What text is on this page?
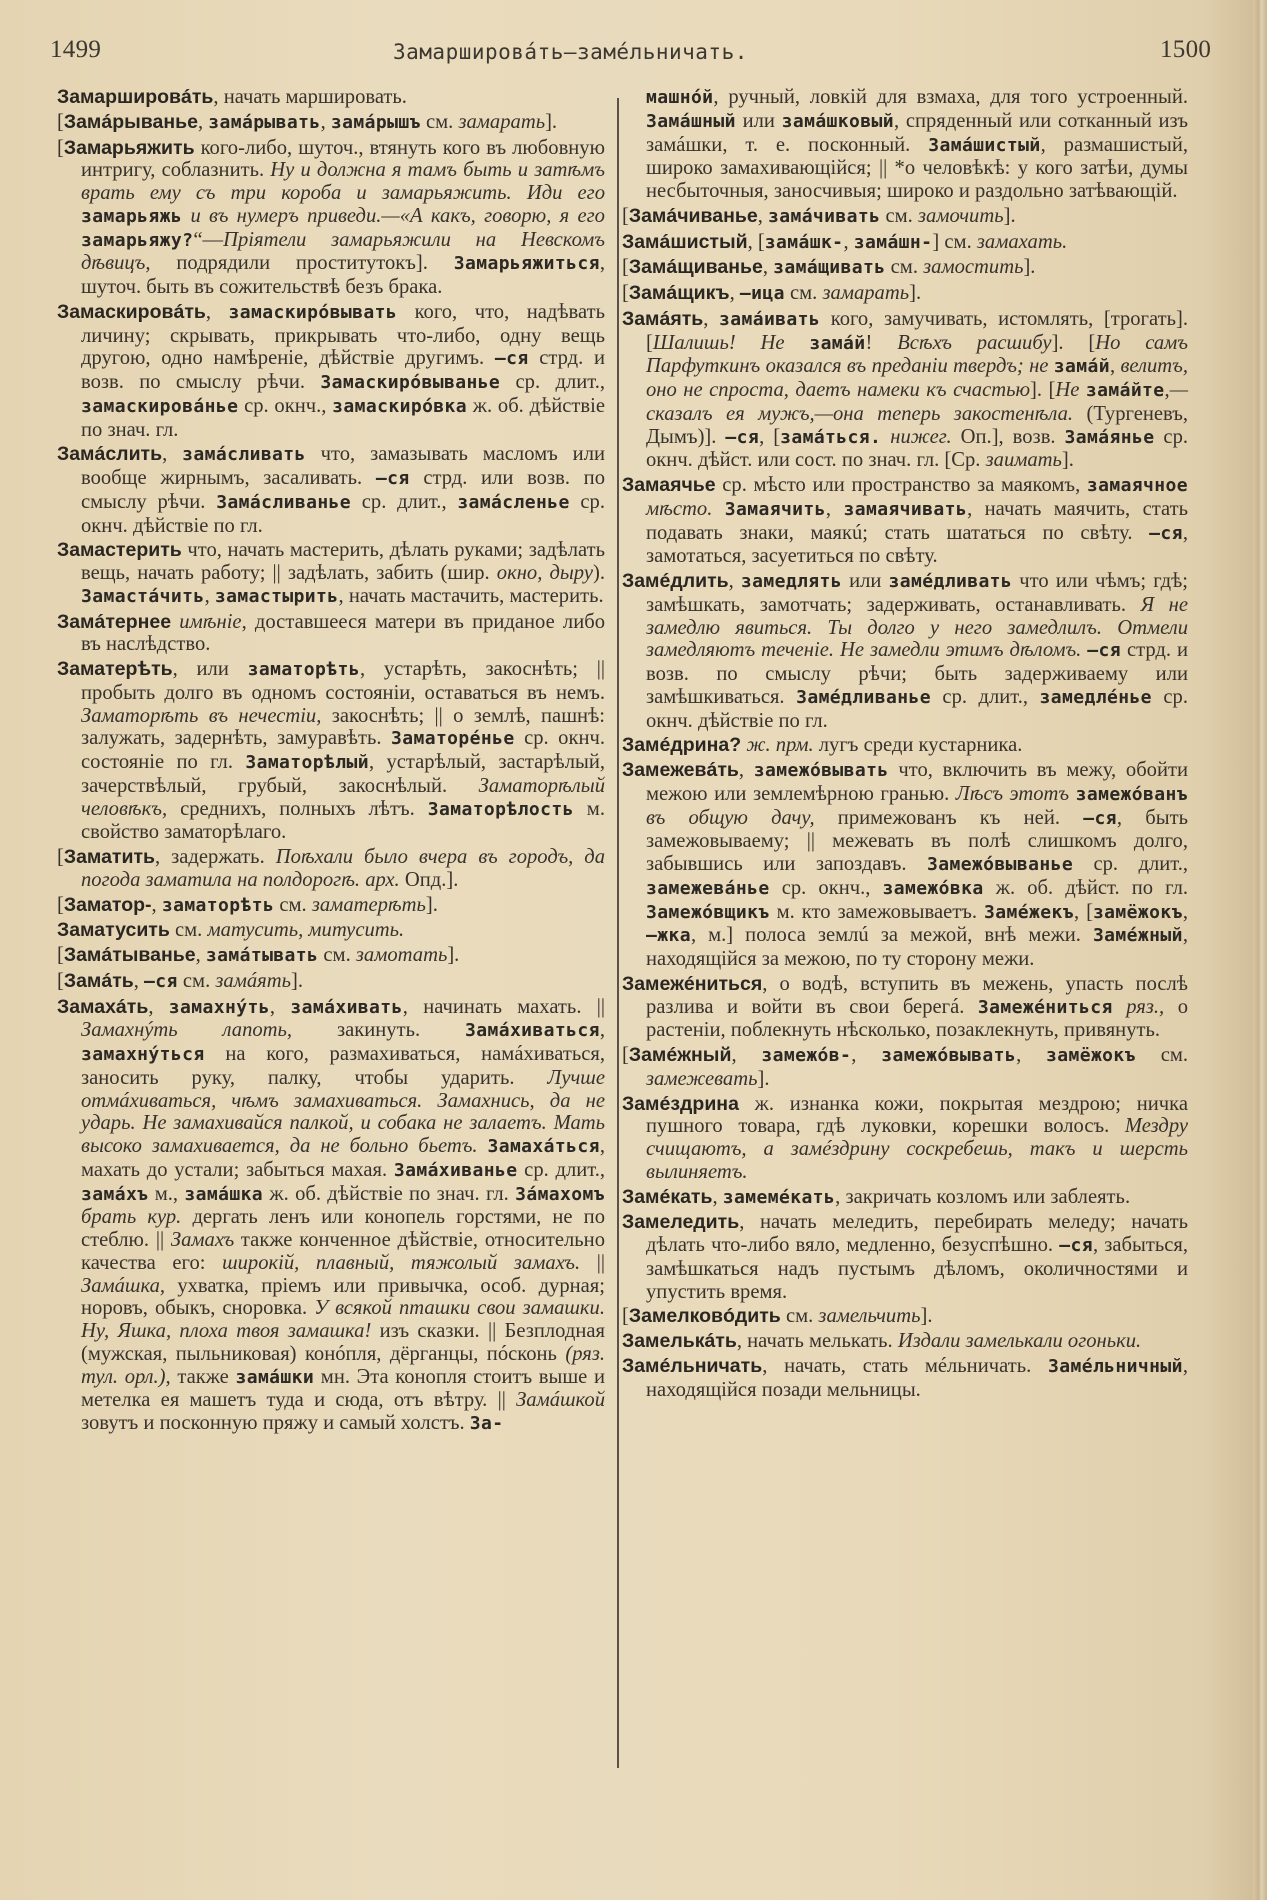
1499	Замаршировáть—замéльничать.	1500

Замаршировáть, начать маршировать.

[Замáрыванье, замáрывать, замáрышъ см. замарать].

[Замарьяжить кого-либо, шуточ., втянуть кого въ любовную интригу, соблазнить. Ну и должна я тамъ быть и затѣмъ врать ему съ три короба и замарьяжить. Иди его замарьяжь и въ нумеръ приведи.—«А какъ, говорю, я его замарьяжу?“—Пріятели замарьяжили на Невскомъ дѣвицъ, подрядили проститутокъ]. Замарьяжиться, шуточ. быть въ сожительствѣ безъ брака.

Замаскировáть, замаскирóвывать кого, что, надѣвать личину; скрывать, прикрывать что-либо, одну вещь другою, одно намѣреніе, дѣйствіе другимъ. —ся стрд. и возв. по смыслу рѣчи. Замаскирóвыванье ср. длит., замаскировáнье ср. окнч., замаскирóвка ж. об. дѣйствіе по знач. гл.

Замáслить, замáсливать что, замазывать масломъ или вообще жирнымъ, засаливать. —ся стрд. или возв. по смыслу рѣчи. Замáсливанье ср. длит., замáсленье ср. окнч. дѣйствіе по гл.

Замастерить что, начать мастерить, дѣлать руками; задѣлать вещь, начать работу; || задѣлать, забить (шир. окно, дыру). Замастáчить, замастырить, начать мастачить, мастерить.

Замáтернее имѣніе, доставшееся матери въ приданое либо въ наслѣдство.

Заматерѣть, или заматорѣть, устарѣть, закоснѣть; || пробыть долго въ одномъ состояніи, оставаться въ немъ. Заматорѣть въ нечестіи, закоснѣть; || о землѣ, пашнѣ: залужать, задернѣть, замуравѣть. Заматорéнье ср. окнч. состояніе по гл. Заматорѣлый, устарѣлый, застарѣлый, зачерствѣлый, грубый, закоснѣлый. Заматорѣлый человѣкъ, среднихъ, полныхъ лѣтъ. Заматорѣлость м. свойство заматорѣлаго.

[Заматить, задержать. Поѣхали было вчера въ городъ, да погода заматила на полдорогѣ. арх. Опд.].

[Заматор-, заматорѣть см. заматерѣть].

Заматусить см. матусить, митусить.

[Замáтыванье, замáтывать см. замотать].

[Замáть, —ся см. замáять].

Замахáть, замахнýть, замáхивать, начинать махать. || Замахнýть лапоть, закинуть. Замáхиваться, замахнýться на кого, размахиваться, намáхиваться, заносить руку, палку, чтобы ударить. Лучше отмáхиваться, чѣмъ замахиваться. Замахнись, да не ударь. Не замахивайся палкой, и собака не залаетъ. Мать высоко замахивается, да не больно бьетъ. Замахáться, махать до устали; забыться махая. Замáхиванье ср. длит., замáхъ м., замáшка ж. об. дѣйствіе по знач. гл. Зáмахомъ брать кур. дергать ленъ или конопель горстями, не по стеблю. || Замахъ также конченное дѣйствіе, относительно качества его: широкій, плавный, тяжолый замахъ. || Замáшка, ухватка, пріемъ или привычка, особ. дурная; норовъ, обыкъ, сноровка. У всякой пташки свои замашки. Ну, Яшка, плоха твоя замашка! изъ сказки. || Безплодная (мужская, пыльниковая) конóпля, дёрганцы, пóсконь (ряз. тул. орл.), также замáшки мн. Эта конопля стоитъ выше и метелка ея машетъ туда и сюда, отъ вѣтру. || Замáшкой зовутъ и посконную пряжу и самый холстъ. За-

машнóй, ручный, ловкій для взмаха, для того устроенный. Замáшный или замáшковый, спряденный или сотканный изъ замáшки, т. е. посконный. Замáшистый, размашистый, широко замахивающійся; || *о человѣкѣ: у кого затѣи, думы несбыточныя, заносчивыя; широко и раздольно затѣвающій.

[Замáчиванье, замáчивать см. замочить].

Замáшистый, [замáшк-, замáшн-] см. замахать.

[Замáщиванье, замáщивать см. замостить].

[Замáщикъ, —ица см. замарать].

Замáять, замáивать кого, замучивать, истомлять, [трогать]. [Шалишь! Не замáй! Всѣхъ расшибу]. [Но самъ Парфуткинъ оказался въ преданіи твердъ; не замáй, велитъ, оно не спроста, даетъ намеки къ счастью]. [Не замáйте,—сказалъ ея мужъ,—она теперь закостенѣла. (Тургеневъ, Дымъ)]. —ся, [замáться. нижег. Оп.], возв. Замáянье ср. окнч. дѣйст. или сост. по знач. гл. [Ср. заимать].

Замаячье ср. мѣсто или пространство за маякомъ, замаячное мѣсто. Замаячить, замаячивать, начать маячить, стать подавать знаки, маякú; стать шататься по свѣту. —ся, замотаться, засуетиться по свѣту.

Замéдлить, замедлять или замéдливать что или чѣмъ; гдѣ; замѣшкать, замотчать; задерживать, останавливать. Я не замедлю явиться. Ты долго у него замедлилъ. Отмели замедляютъ теченіе. Не замедли этимъ дѣломъ. —ся стрд. и возв. по смыслу рѣчи; быть задерживаему или замѣшкиваться. Замéдливанье ср. длит., замедлéнье ср. окнч. дѣйствіе по гл.

Замéдрина? ж. прм. лугъ среди кустарника.

Замежевáть, замежóвывать что, включить въ межу, обойти межою или землемѣрною гранью. Лѣсъ этотъ замежóванъ въ общую дачу, примежованъ къ ней. —ся, быть замежовываему; || межевать въ полѣ слишкомъ долго, забывшись или запоздавъ. Замежóвыванье ср. длит., замежевáнье ср. окнч., замежóвка ж. об. дѣйст. по гл. Замежóвщикъ м. кто замежовываетъ. Замéжекъ, [замёжокъ, —жка, м.] полоса землú за межой, внѣ межи. Замéжный, находящійся за межою, по ту сторону межи.

Замежéниться, о водѣ, вступить въ межень, упасть послѣ разлива и войти въ свои берегá. Замежéниться ряз., о растеніи, поблекнуть нѣсколько, позаклекнуть, привянуть.

[Замéжный, замежóв-, замежóвывать, замёжокъ см. замежевать].

Замéздрина ж. изнанка кожи, покрытая мездрою; ничка пушного товара, гдѣ луковки, корешки волосъ. Мездру счищаютъ, а замéздрину соскребешь, такъ и шерсть вылиняетъ.

Замéкать, замемéкать, закричать козломъ или заблеять.

Замеледить, начать меледить, перебирать меледу; начать дѣлать что-либо вяло, медленно, безуспѣшно. —ся, забыться, замѣшкаться надъ пустымъ дѣломъ, околичностями и упустить время.

[Замелковóдить см. замельчить].

Замелькáть, начать мелькать. Издали замелькали огоньки.

Замéльничать, начать, стать мéльничать. Замéльничный, находящійся позади мельницы.
